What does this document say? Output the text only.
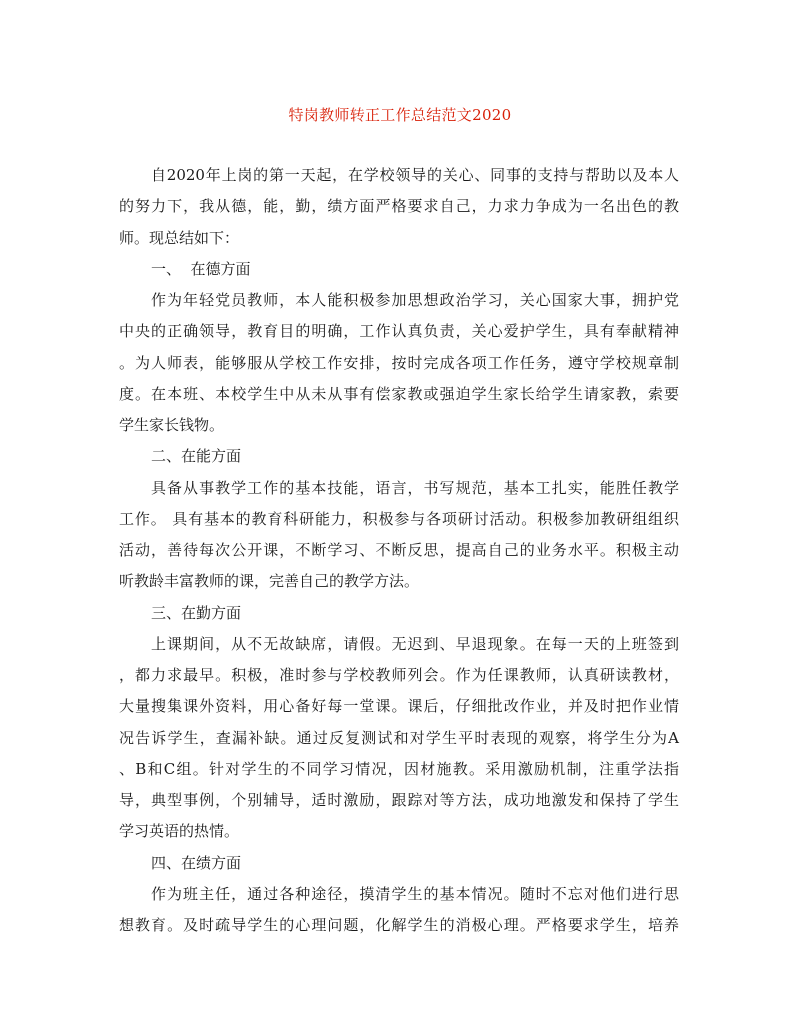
特岗教师转正工作总结范文2020
自2020年上岗的第一天起，在学校领导的关心、同事的支持与帮助以及本人
的努力下，我从德，能，勤，绩方面严格要求自己，力求力争成为一名出色的教
师。现总结如下：
一、  在德方面
作为年轻党员教师，本人能积极参加思想政治学习，关心国家大事，拥护党
中央的正确领导，教育目的明确，工作认真负责，关心爱护学生，具有奉献精神
。为人师表，能够服从学校工作安排，按时完成各项工作任务，遵守学校规章制
度。在本班、本校学生中从未从事有偿家教或强迫学生家长给学生请家教，索要
学生家长钱物。
二、在能方面
具备从事教学工作的基本技能，语言，书写规范，基本工扎实，能胜任教学
工作。 具有基本的教育科研能力，积极参与各项研讨活动。积极参加教研组组织
活动，善待每次公开课，不断学习、不断反思，提高自己的业务水平。积极主动
听教龄丰富教师的课，完善自己的教学方法。
三、在勤方面
上课期间，从不无故缺席，请假。无迟到、早退现象。在每一天的上班签到
，都力求最早。积极，准时参与学校教师列会。作为任课教师，认真研读教材，
大量搜集课外资料，用心备好每一堂课。课后，仔细批改作业，并及时把作业情
况告诉学生，查漏补缺。通过反复测试和对学生平时表现的观察，将学生分为A
、B和C组。针对学生的不同学习情况，因材施教。采用激励机制，注重学法指
导，典型事例，个别辅导，适时激励，跟踪对等方法，成功地激发和保持了学生
学习英语的热情。
四、在绩方面
作为班主任，通过各种途径，摸清学生的基本情况。随时不忘对他们进行思
想教育。及时疏导学生的心理问题，化解学生的消极心理。严格要求学生，培养
